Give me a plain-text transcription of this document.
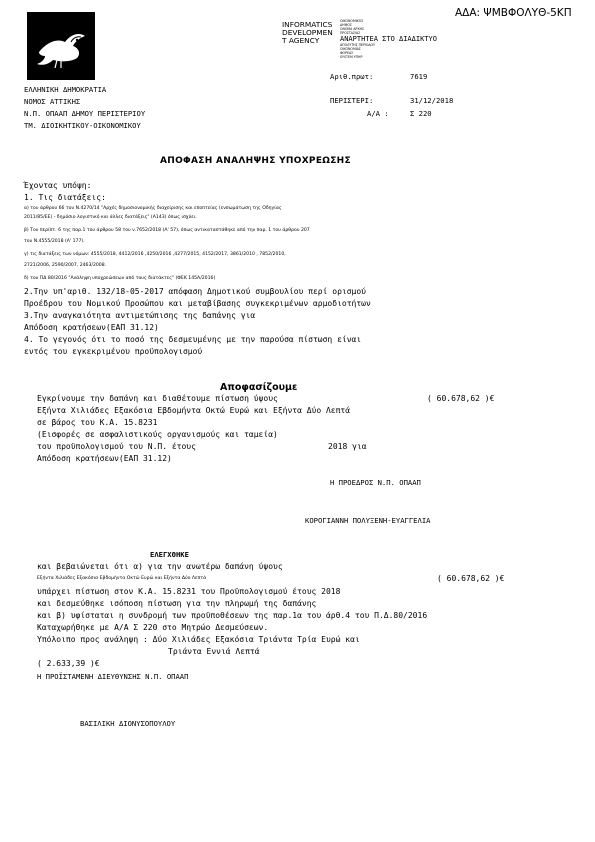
ΑΔΑ: ΨΜΒΦΟΛΥΘ-5ΚΠ
INFORMATICS
DEVELOPMEN
T AGENCY
ΟΙΚΟΝΟΜΙΚΟΣ
ΔΗΜΟΣ
ΟΝΟΜΑ ΑΡΧΗΣ
ΠΡΟΣΤΑΣΙΑΣ
ΑΝΑΡΤΗΤΕΑ ΣΤΟ ΔΙΑΔΙΚΤΥΟ
ΑΠΟΛΥΤΗΣ ΠΕΡΙΟΔΟΥ
ΟΙΚΟΝΟΜΙΑΣ
ΦΟΡΕΑΣ
SYSTEM ΥΠΗΡ
ΕΛΛΗΝΙΚΗ ΔΗΜΟΚΡΑΤΙΑ
ΝΟΜΟΣ ΑΤΤΙΚΗΣ
Ν.Π. ΟΠΑΑΠ ΔΗΜΟΥ ΠΕΡΙΣΤΕΡΙΟΥ
ΤΜ. ΔΙΟΙΚΗΤΙΚΟΥ-ΟΙΚΟΝΟΜΙΚΟΥ
Αριθ.πρωτ:	7619
ΠΕΡΙΣΤΕΡΙ:	31/12/2018
Α/Α :	Σ 220
ΑΠΟΦΑΣΗ ΑΝΑΛΗΨΗΣ ΥΠΟΧΡΕΩΣΗΣ
Έχοντας υπόψη:
1. Τις διατάξεις:
α) του άρθρου 66 του Ν.4270/14 "Αρχές δημοσιονομικής διαχείρισης και εποπτείας (ενσωμάτωση της Οδηγίας
2011/85/ΕΕ) - δημόσιο λογιστικό και άλλες διατάξεις" (Α143) όπως ισχύει.
β) Του περίπτ. 6 της παρ.1 του άρθρου 58 του ν.7652/2018 (Α' 57), όπως αντικαταστάθηκε από την παρ. 1 του άρθρου 207
του Ν.4555/2018 (Α' 177).
γ) τις διατάξεις των νόμων: 4555/2018, 4412/2016 ,4250/2016 ,4277/2015, 4152/2017, 3861/2010 , 7852/2010,
2721/2006, 2590/2007, 2463/2008.
δ) του ΠΔ 80/2016 "Ανάληψη υποχρεώσεων από τους διατάκτες" (ΦΕΚ 145Α/2016)
2.Την υπ'αριθ. 132/18-05-2017 απόφαση Δημοτικού συμβουλίου περί ορισμού
Προέδρου του Νομικού Προσώπου και μεταβίβασης συγκεκριμένων αρμοδιοτήτων
3.Την αναγκαιότητα αντιμετώπισης της δαπάνης για
Απόδοση κρατήσεων(ΕΑΠ 31.12)
4. Το γεγονός ότι το ποσό της δεσμευμένης με την παρούσα πίστωση είναι
εντός του εγκεκριμένου προϋπολογισμού
Αποφασίζουμε
Εγκρίνουμε την δαπάνη και διαθέτουμε πίστωση ύψους	( 60.678,62 )€
Εξήντα Χιλιάδες Εξακόσια Εβδομήντα Οκτώ Ευρώ και Εξήντα Δύο Λεπτά
σε βάρος του Κ.Α. 15.8231
(Εισφορές σε ασφαλιστικούς οργανισμούς και ταμεία)
του προϋπολογισμού του Ν.Π. έτους	2018 για
Απόδοση κρατήσεων(ΕΑΠ 31.12)
Η ΠΡΟΕΔΡΟΣ Ν.Π. ΟΠΑΑΠ
ΚΟΡΟΓΙΑΝΝΗ ΠΟΛΥΞΕΝΗ-ΕΥΑΓΓΕΛΙΑ
ΕΛΕΓΧΘΗΚΕ
και βεβαιώνεται ότι α) για την ανωτέρω δαπάνη ύψους
Εξήντα Χιλιάδες Εξακόσια Εβδομήντα Οκτώ Ευρώ και Εξήντα Δύο Λεπτά	( 60.678,62 )€
υπάρχει πίστωση στον Κ.Α. 15.8231 του Προϋπολογισμού έτους 2018
και δεσμεύθηκε ισόποση πίστωση για την πληρωμή της δαπάνης
και β) υφίσταται η συνδρομή των προϋποθέσεων της παρ.1α του άρθ.4 του Π.Δ.80/2016
Καταχωρήθηκε με Α/Α Σ 220 στο Μητρώο Δεσμεύσεων.
Υπόλοιπο προς ανάληψη : Δύο Χιλιάδες Εξακόσια Τριάντα Τρία Ευρώ και
Τριάντα Εννιά Λεπτά
( 2.633,39 )€
Η ΠΡΟΪΣΤΑΜΕΝΗ ΔΙΕΥΘΥΝΣΗΣ Ν.Π. ΟΠΑΑΠ
ΒΑΣΙΛΙΚΗ ΔΙΟΝΥΣΟΠΟΥΛΟΥ
